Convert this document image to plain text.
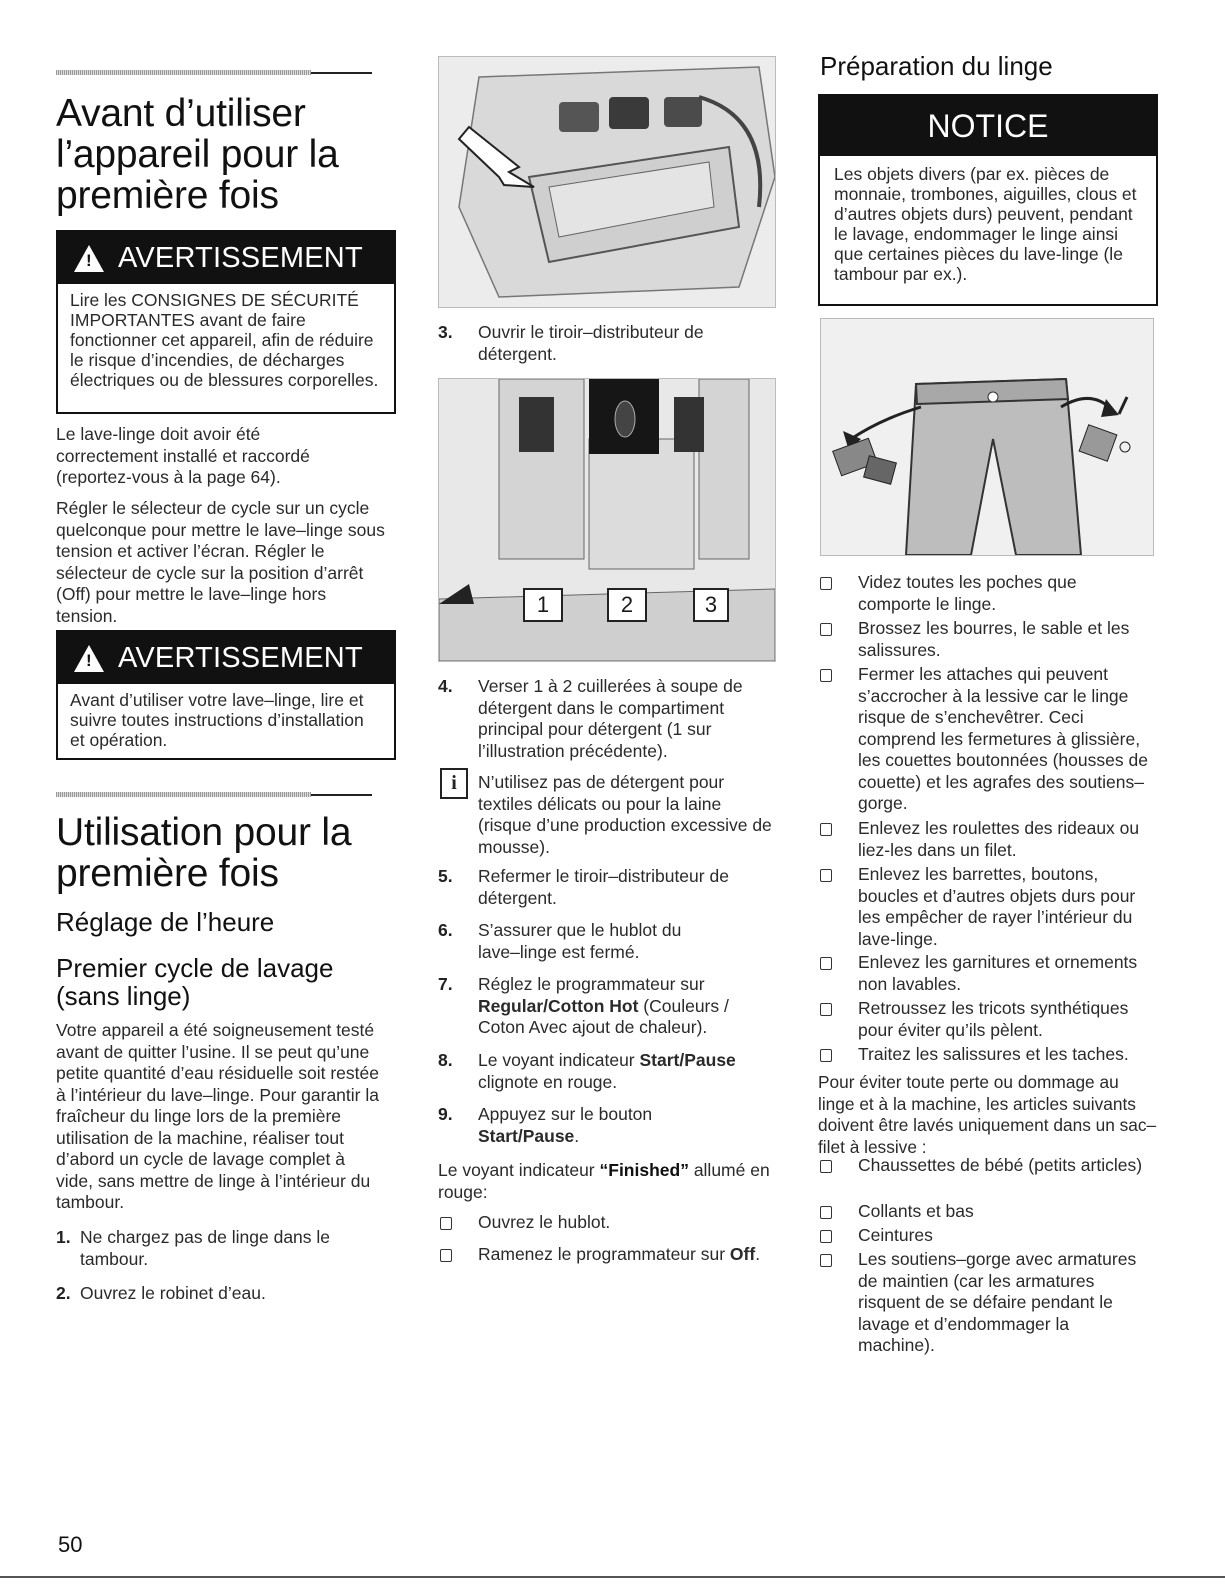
Avant d’utiliser
l’appareil pour la
première fois
! AVERTISSEMENT
Lire les CONSIGNES DE SÉCURITÉ IMPORTANTES avant de faire fonctionner cet appareil, afin de réduire le risque d’incendies, de décharges électriques ou de blessures corporelles.
Le lave-linge doit avoir été correctement installé et raccordé (reportez-vous à la page 64).
Régler le sélecteur de cycle sur un cycle quelconque pour mettre le lave–linge sous tension et activer l’écran. Régler le sélecteur de cycle sur la position d’arrêt (Off) pour mettre le lave–linge hors tension.
! AVERTISSEMENT
Avant d’utiliser votre lave–linge, lire et suivre toutes instructions d’installation et opération.
Utilisation pour la
première fois
Réglage de l’heure
Premier cycle de lavage
(sans linge)
Votre appareil a été soigneusement testé avant de quitter l’usine. Il se peut qu’une petite quantité d’eau résiduelle soit restée à l’intérieur du lave–linge. Pour garantir la fraîcheur du linge lors de la première utilisation de la machine, réaliser tout d’abord un cycle de lavage complet à vide, sans mettre de linge à l’intérieur du tambour.
1. Ne chargez pas de linge dans le tambour.
2. Ouvrez le robinet d’eau.
3. Ouvrir le tiroir–distributeur de détergent.
1	2	3
4. Verser 1 à 2 cuillerées à soupe de détergent dans le compartiment principal pour détergent (1 sur l’illustration précédente).
i	N’utilisez pas de détergent pour textiles délicats ou pour la laine (risque d’une production excessive de mousse).
5. Refermer le tiroir–distributeur de détergent.
6. S’assurer que le hublot du lave–linge est fermé.
7. Réglez le programmateur sur Regular/Cotton Hot (Couleurs / Coton Avec ajout de chaleur).
8. Le voyant indicateur Start/Pause clignote en rouge.
9. Appuyez sur le bouton Start/Pause.
Le voyant indicateur “Finished” allumé en rouge:
Ouvrez le hublot.
Ramenez le programmateur sur Off.
Préparation du linge
NOTICE
Les objets divers (par ex. pièces de monnaie, trombones, aiguilles, clous et d’autres objets durs) peuvent, pendant le lavage, endommager le linge ainsi que certaines pièces du lave-linge (le tambour par ex.).
Videz toutes les poches que comporte le linge.
Brossez les bourres, le sable et les salissures.
Fermer les attaches qui peuvent s’accrocher à la lessive car le linge risque de s’enchevêtrer. Ceci comprend les fermetures à glissière, les couettes boutonnées (housses de couette) et les agrafes des soutiens–gorge.
Enlevez les roulettes des rideaux ou liez-les dans un filet.
Enlevez les barrettes, boutons, boucles et d’autres objets durs pour les empêcher de rayer l’intérieur du lave-linge.
Enlevez les garnitures et ornements non lavables.
Retroussez les tricots synthétiques pour éviter qu’ils pèlent.
Traitez les salissures et les taches.
Pour éviter toute perte ou dommage au linge et à la machine, les articles suivants doivent être lavés uniquement dans un sac–filet à lessive :
Chaussettes de bébé (petits articles)
Collants et bas
Ceintures
Les soutiens–gorge avec armatures de maintien (car les armatures risquent de se défaire pendant le lavage et d’endommager la machine).
50
